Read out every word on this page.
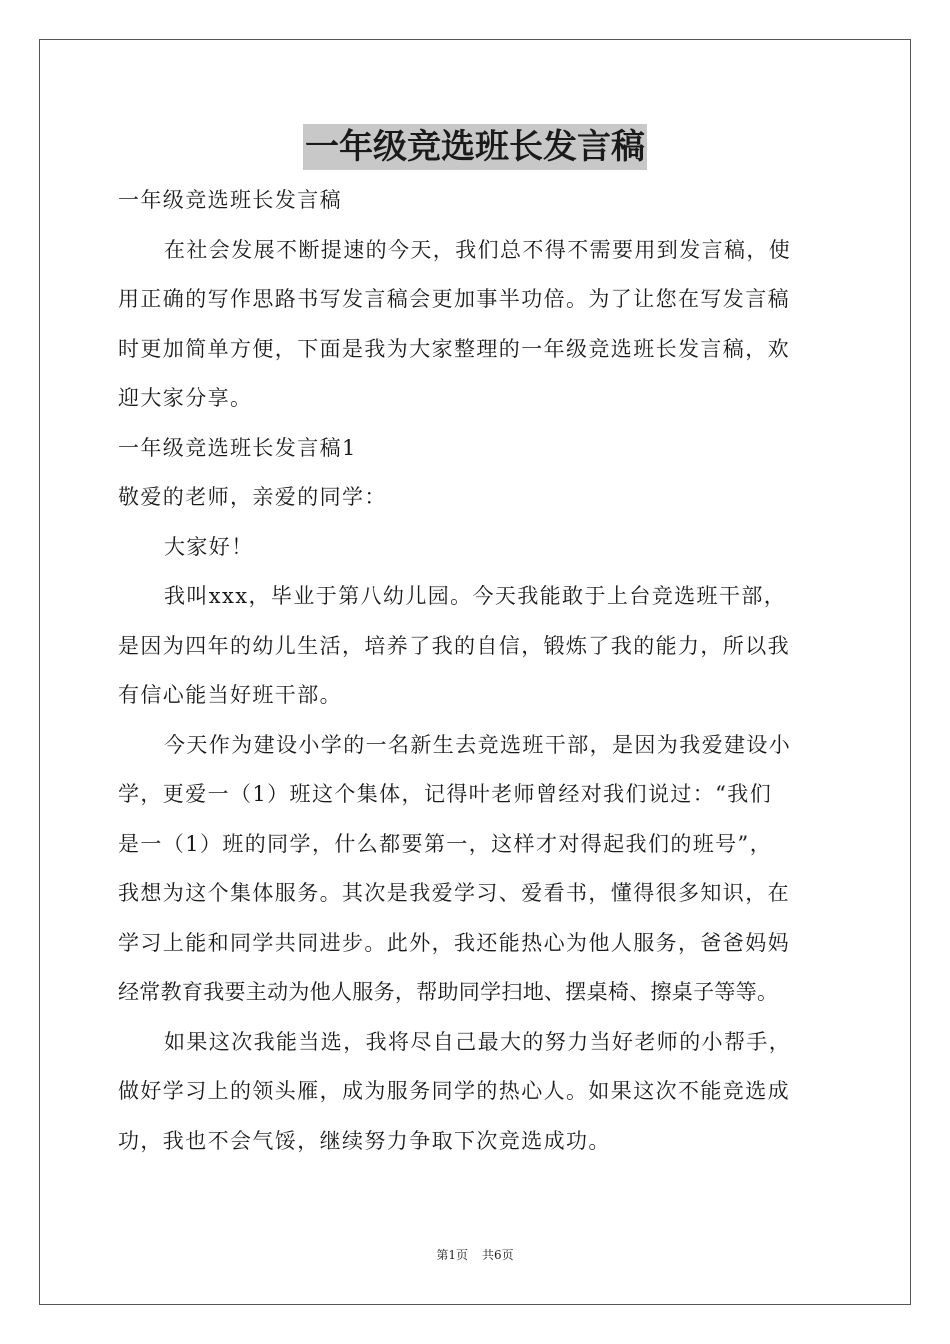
一年级竞选班长发言稿
一年级竞选班长发言稿
在社会发展不断提速的今天，我们总不得不需要用到发言稿，使
用正确的写作思路书写发言稿会更加事半功倍。为了让您在写发言稿
时更加简单方便，下面是我为大家整理的一年级竞选班长发言稿，欢
迎大家分享。
一年级竞选班长发言稿1
敬爱的老师，亲爱的同学：
大家好！
我叫xxx，毕业于第八幼儿园。今天我能敢于上台竞选班干部，
是因为四年的幼儿生活，培养了我的自信，锻炼了我的能力，所以我
有信心能当好班干部。
今天作为建设小学的一名新生去竞选班干部，是因为我爱建设小
学，更爱一（1）班这个集体，记得叶老师曾经对我们说过：“我们
是一（1）班的同学，什么都要第一，这样才对得起我们的班号”，
我想为这个集体服务。其次是我爱学习、爱看书，懂得很多知识，在
学习上能和同学共同进步。此外，我还能热心为他人服务，爸爸妈妈
经常教育我要主动为他人服务，帮助同学扫地、摆桌椅、擦桌子等等。
如果这次我能当选，我将尽自己最大的努力当好老师的小帮手，
做好学习上的领头雁，成为服务同学的热心人。如果这次不能竞选成
功，我也不会气馁，继续努力争取下次竞选成功。
第1页 共6页
